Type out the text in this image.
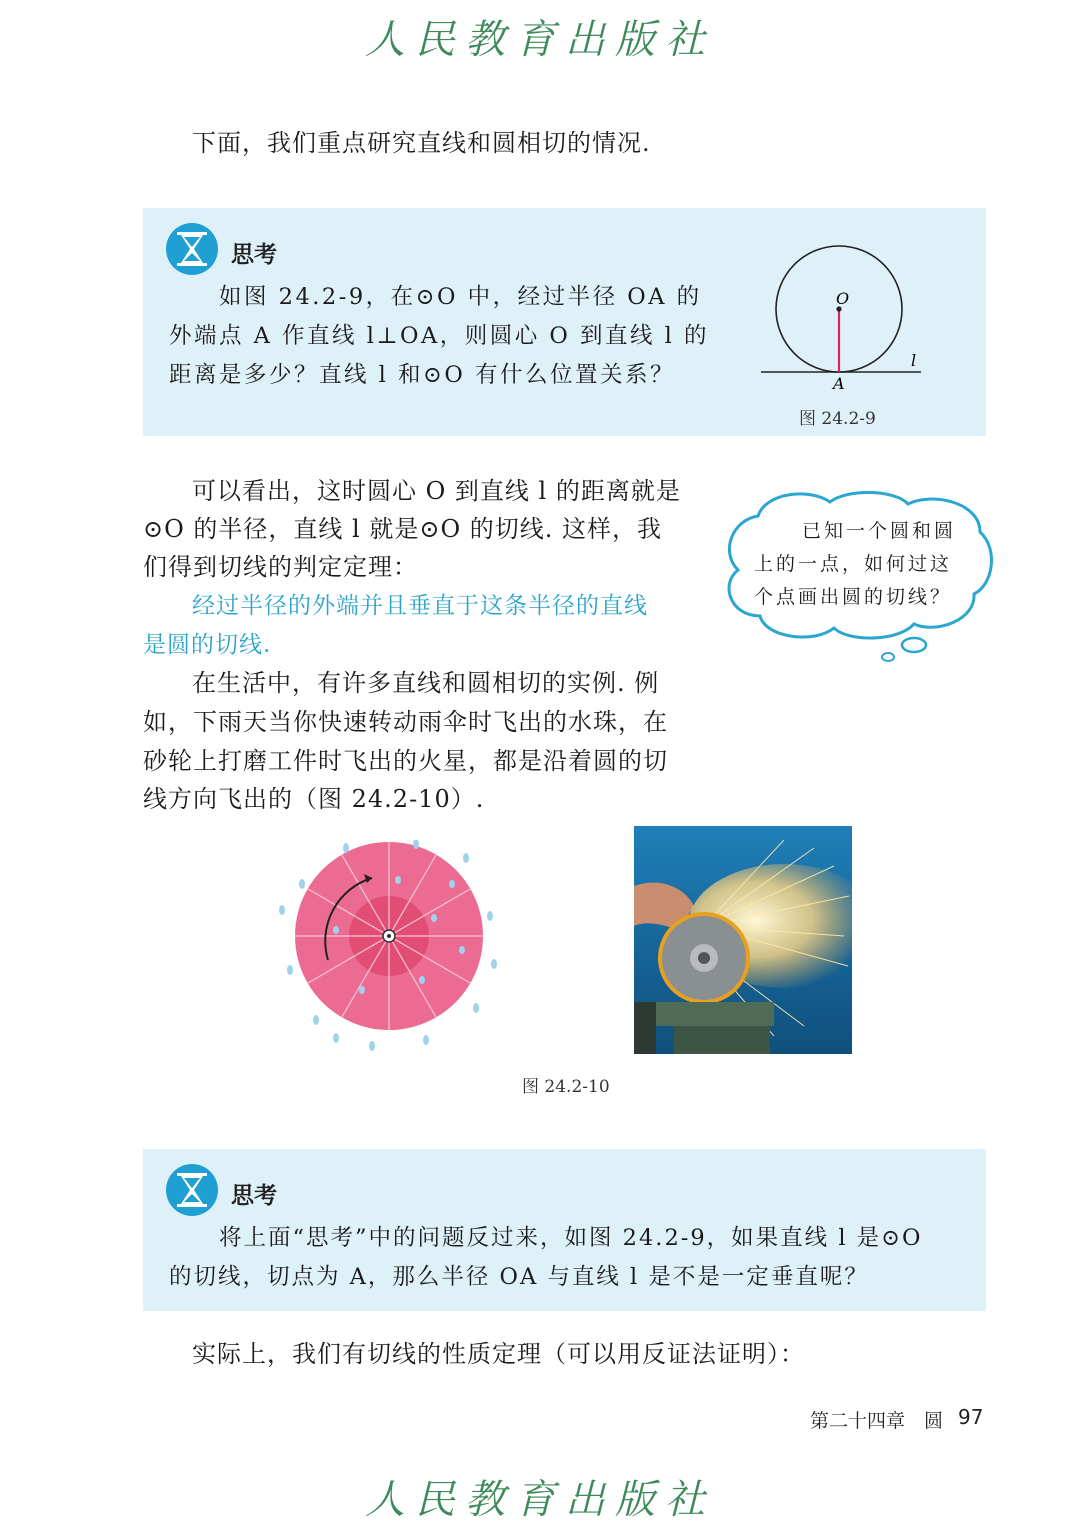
人民教育出版社
下面，我们重点研究直线和圆相切的情况.
思考
如图 24.2-9，在⊙O 中，经过半径 OA 的
外端点 A 作直线 l⊥OA，则圆心 O 到直线 l 的
距离是多少？直线 l 和⊙O 有什么位置关系？
O
A
l
图 24.2-9
可以看出，这时圆心 O 到直线 l 的距离就是
⊙O 的半径，直线 l 就是⊙O 的切线. 这样，我
们得到切线的判定定理：
经过半径的外端并且垂直于这条半径的直线
是圆的切线.
在生活中，有许多直线和圆相切的实例. 例
如，下雨天当你快速转动雨伞时飞出的水珠，在
砂轮上打磨工件时飞出的火星，都是沿着圆的切
线方向飞出的（图 24.2-10）.
已知一个圆和圆
上的一点，如何过这
个点画出圆的切线？
图 24.2-10
思考
将上面“思考”中的问题反过来，如图 24.2-9，如果直线 l 是⊙O
的切线，切点为 A，那么半径 OA 与直线 l 是不是一定垂直呢？
实际上，我们有切线的性质定理（可以用反证法证明）：
第二十四章　圆 97
人民教育出版社
